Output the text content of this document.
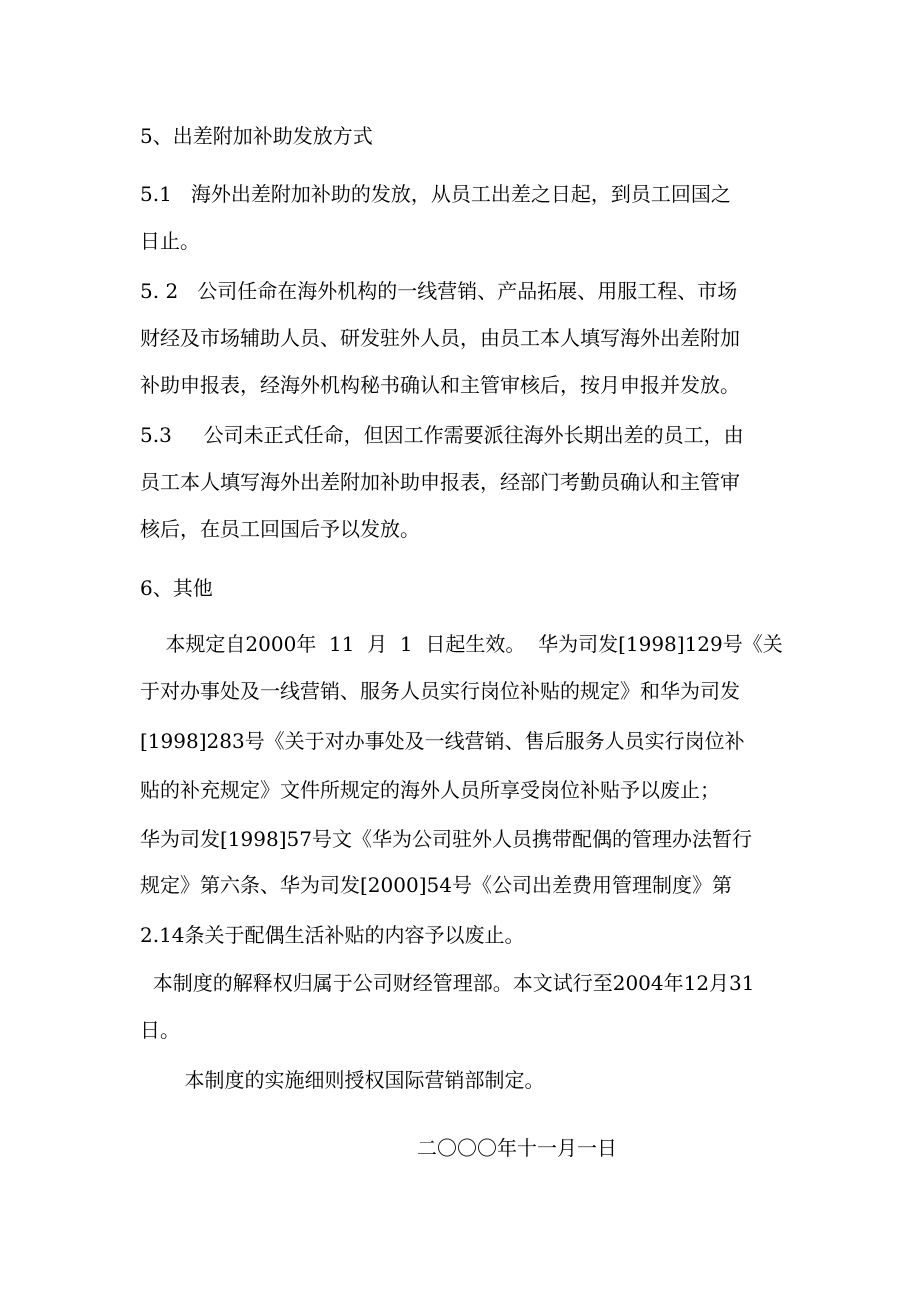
5、出差附加补助发放方式
5.1   海外出差附加补助的发放，从员工出差之日起，到员工回国之
日止。
5. 2   公司任命在海外机构的一线营销、产品拓展、用服工程、市场
财经及市场辅助人员、研发驻外人员，由员工本人填写海外出差附加
补助申报表，经海外机构秘书确认和主管审核后，按月申报并发放。
5.3     公司未正式任命，但因工作需要派往海外长期出差的员工，由
员工本人填写海外出差附加补助申报表，经部门考勤员确认和主管审
核后，在员工回国后予以发放。
6、其他
本规定自2000年  11  月  1  日起生效。  华为司发[1998]129号《关
于对办事处及一线营销、服务人员实行岗位补贴的规定》和华为司发
[1998]283号《关于对办事处及一线营销、售后服务人员实行岗位补
贴的补充规定》文件所规定的海外人员所享受岗位补贴予以废止；
华为司发[1998]57号文《华为公司驻外人员携带配偶的管理办法暂行
规定》第六条、华为司发[2000]54号《公司出差费用管理制度》第
2.14条关于配偶生活补贴的内容予以废止。
本制度的解释权归属于公司财经管理部。本文试行至2004年12月31
日。
本制度的实施细则授权国际营销部制定。
二〇〇〇年十一月一日
